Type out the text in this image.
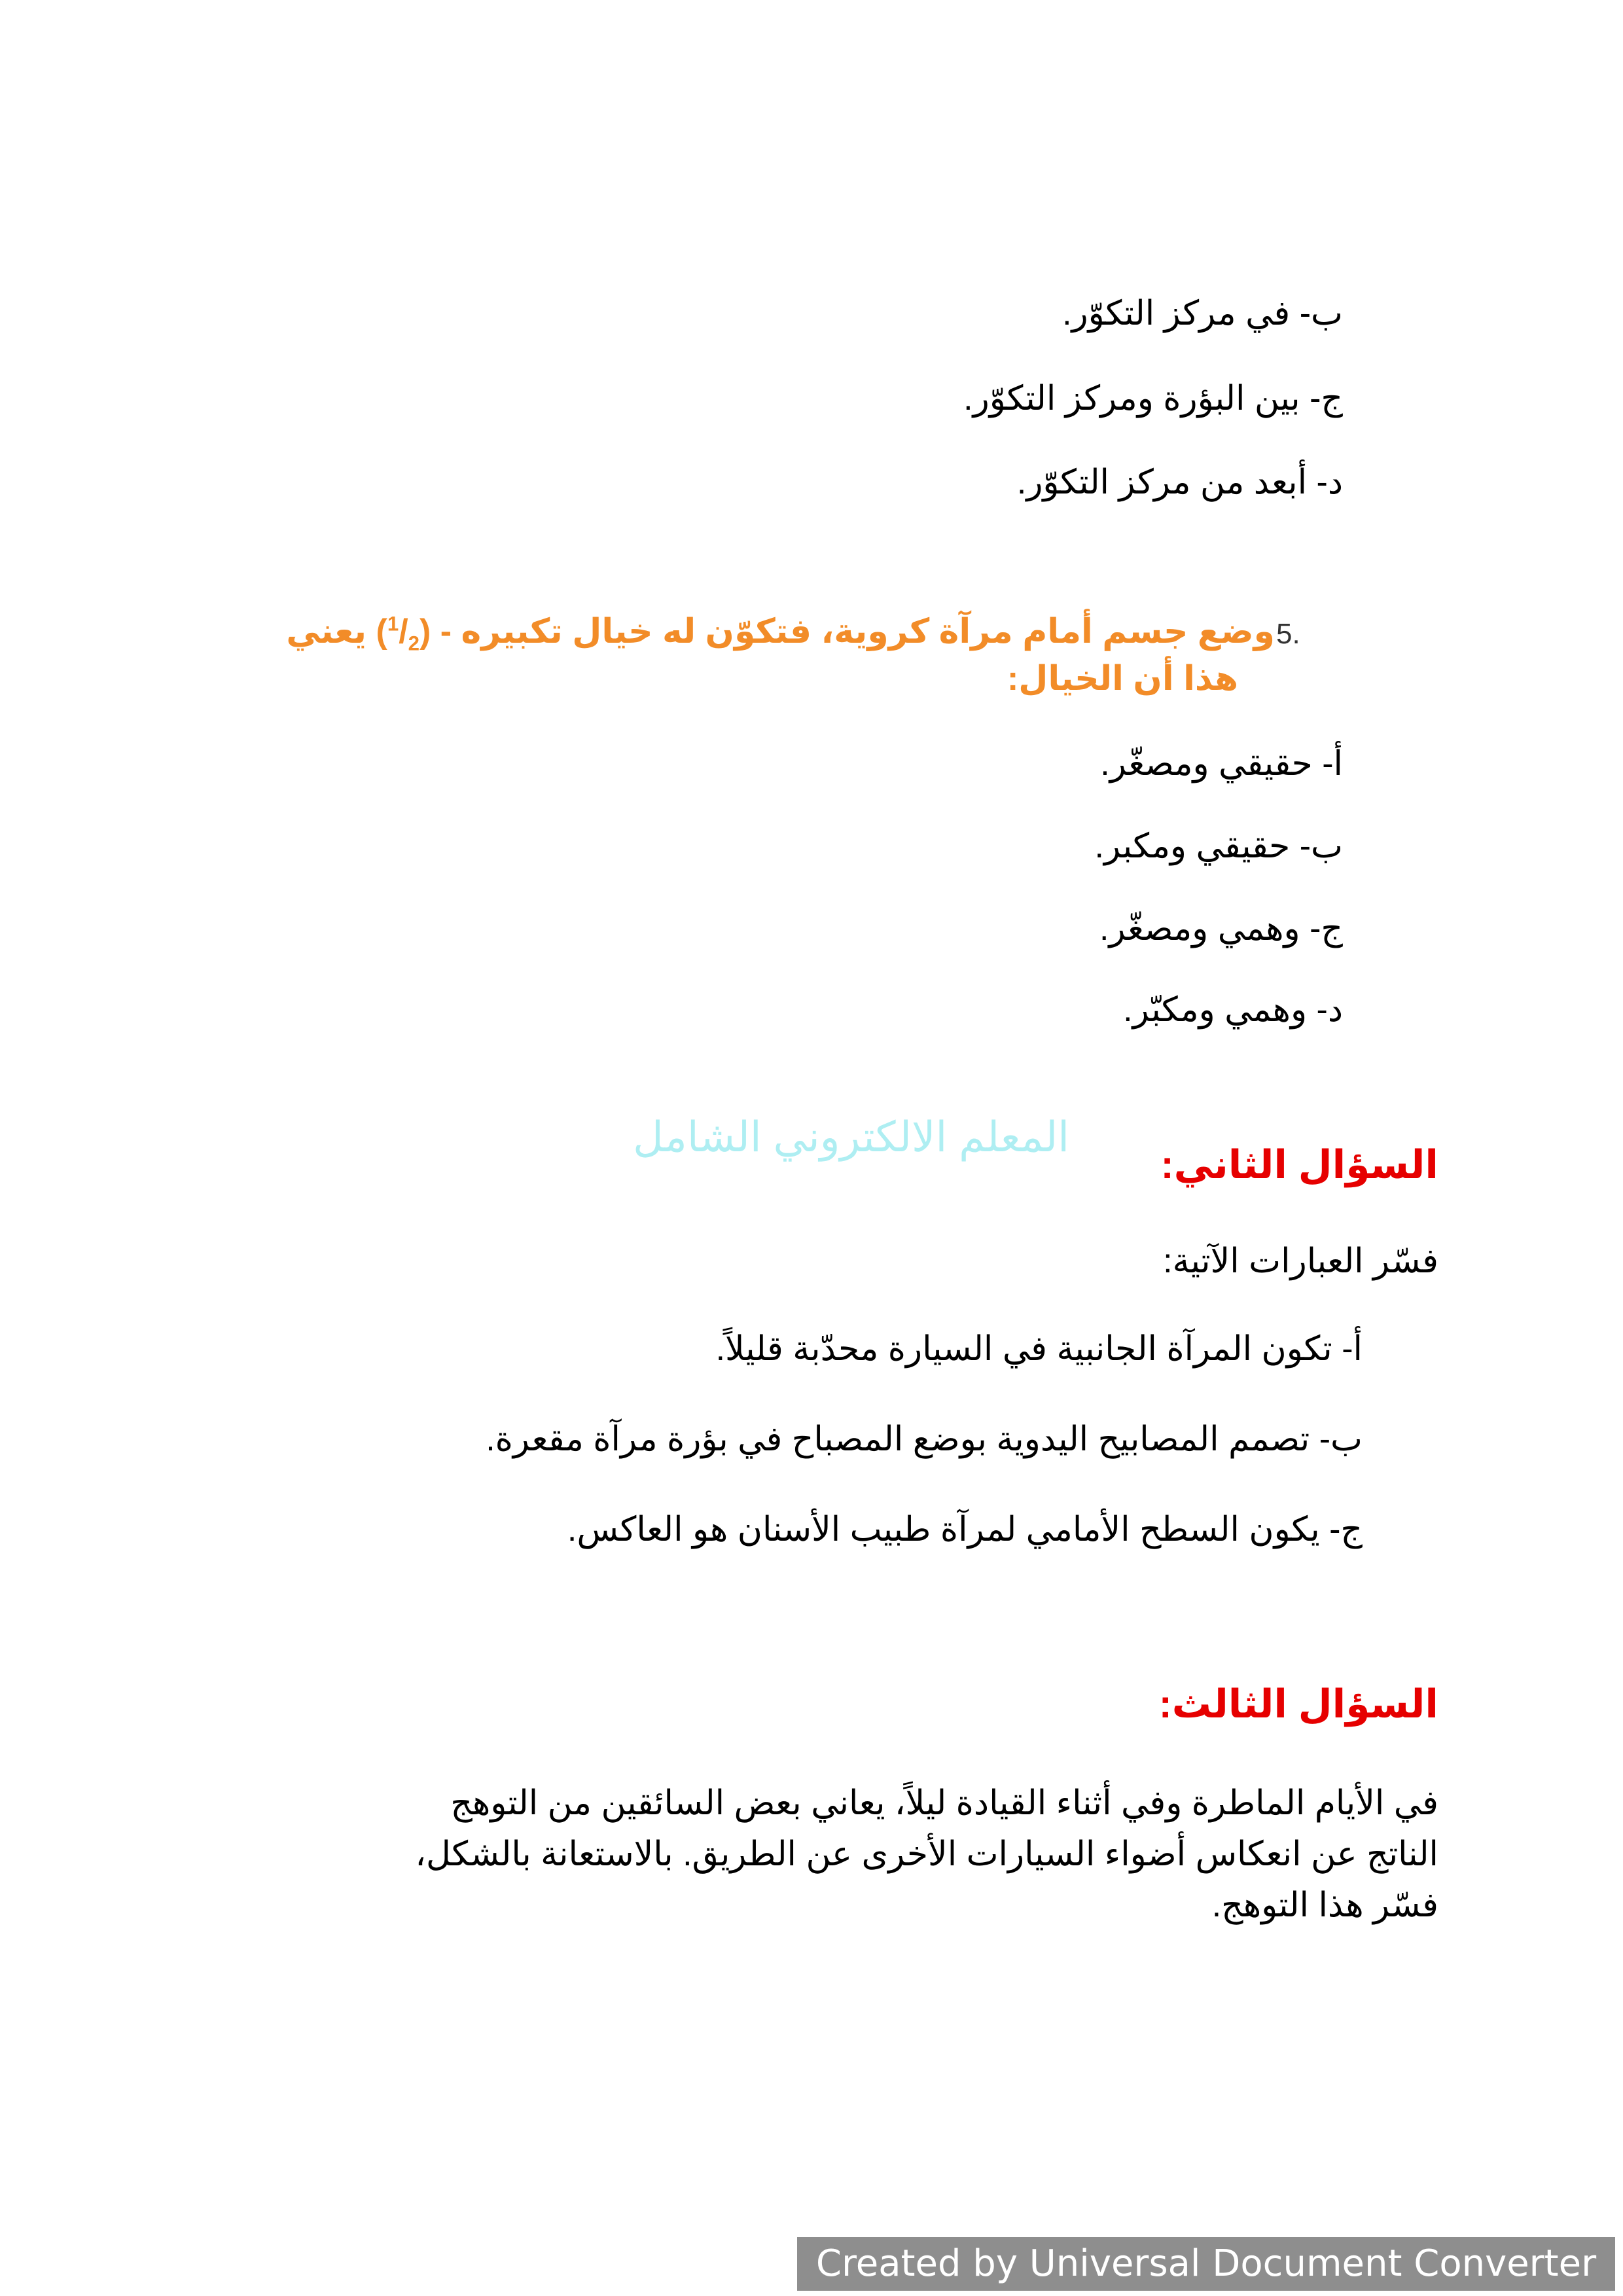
ب- في مركز التكوّر.
ج- بين البؤرة ومركز التكوّر.
د- أبعد من مركز التكوّر.
5.
وضع جسم أمام مرآة كروية، فتكوّن له خيال تكبيره - $(^1/_2)$ يعني
هذا أن الخيال:
أ- حقيقي ومصغّر.
ب- حقيقي ومكبر.
ج- وهمي ومصغّر.
د- وهمي ومكبّر.
المعلم الالكتروني الشامل
السؤال الثاني:
فسّر العبارات الآتية:
أ- تكون المرآة الجانبية في السيارة محدّبة قليلاً.
ب- تصمم المصابيح اليدوية بوضع المصباح في بؤرة مرآة مقعرة.
ج- يكون السطح الأمامي لمرآة طبيب الأسنان هو العاكس.
السؤال الثالث:
في الأيام الماطرة وفي أثناء القيادة ليلاً، يعاني بعض السائقين من التوهج
الناتج عن انعكاس أضواء السيارات الأخرى عن الطريق. بالاستعانة بالشكل،
فسّر هذا التوهج.
Created by Universal Document Converter
